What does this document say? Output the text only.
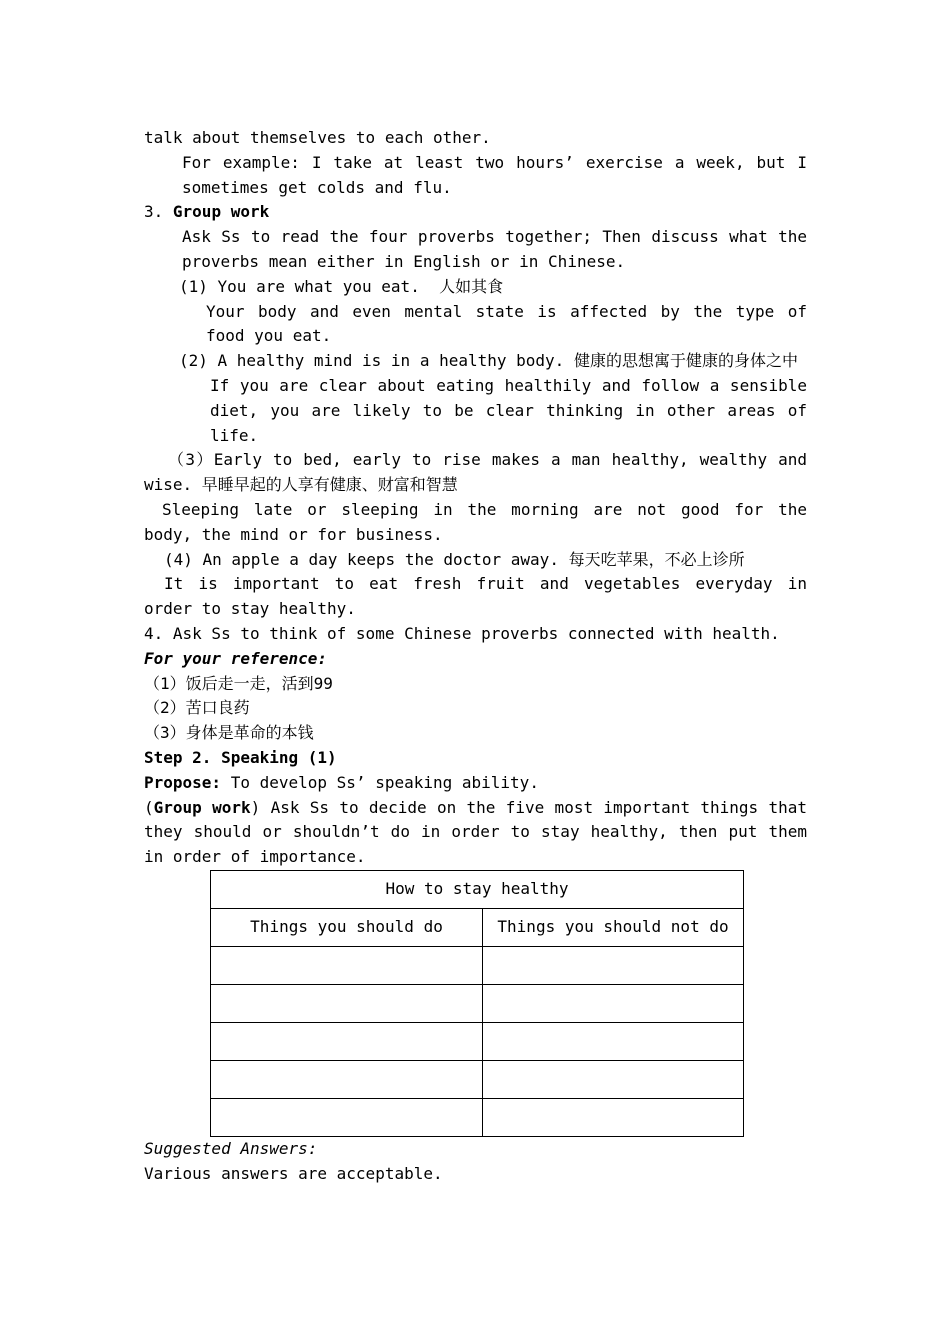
talk about themselves to each other.

For example: I take at least two hours’ exercise a week, but I sometimes get colds and flu.

3. Group work

Ask Ss to read the four proverbs together; Then discuss what the proverbs mean either in English or in Chinese.

(1) You are what you eat.  人如其食

Your body and even mental state is affected by the type of food you eat.

(2) A healthy mind is in a healthy body. 健康的思想寓于健康的身体之中

If you are clear about eating healthily and follow a sensible diet, you are likely to be clear thinking in other areas of life.

（3）Early to bed, early to rise makes a man healthy, wealthy and wise. 早睡早起的人享有健康、财富和智慧

Sleeping late or sleeping in the morning are not good for the body, the mind or for business.

(4) An apple a day keeps the doctor away. 每天吃苹果，不必上诊所

It is important to eat fresh fruit and vegetables everyday in order to stay healthy.

4. Ask Ss to think of some Chinese proverbs connected with health.

For your reference:

（1）饭后走一走，活到99

（2）苦口良药

（3）身体是革命的本钱

Step 2. Speaking (1)

Propose: To develop Ss’ speaking ability.

(Group work) Ask Ss to decide on the five most important things that they should or shouldn’t do in order to stay healthy, then put them in order of importance.

How to stay healthy	
Things you should do	Things you should not do

Suggested Answers:

Various answers are acceptable.
